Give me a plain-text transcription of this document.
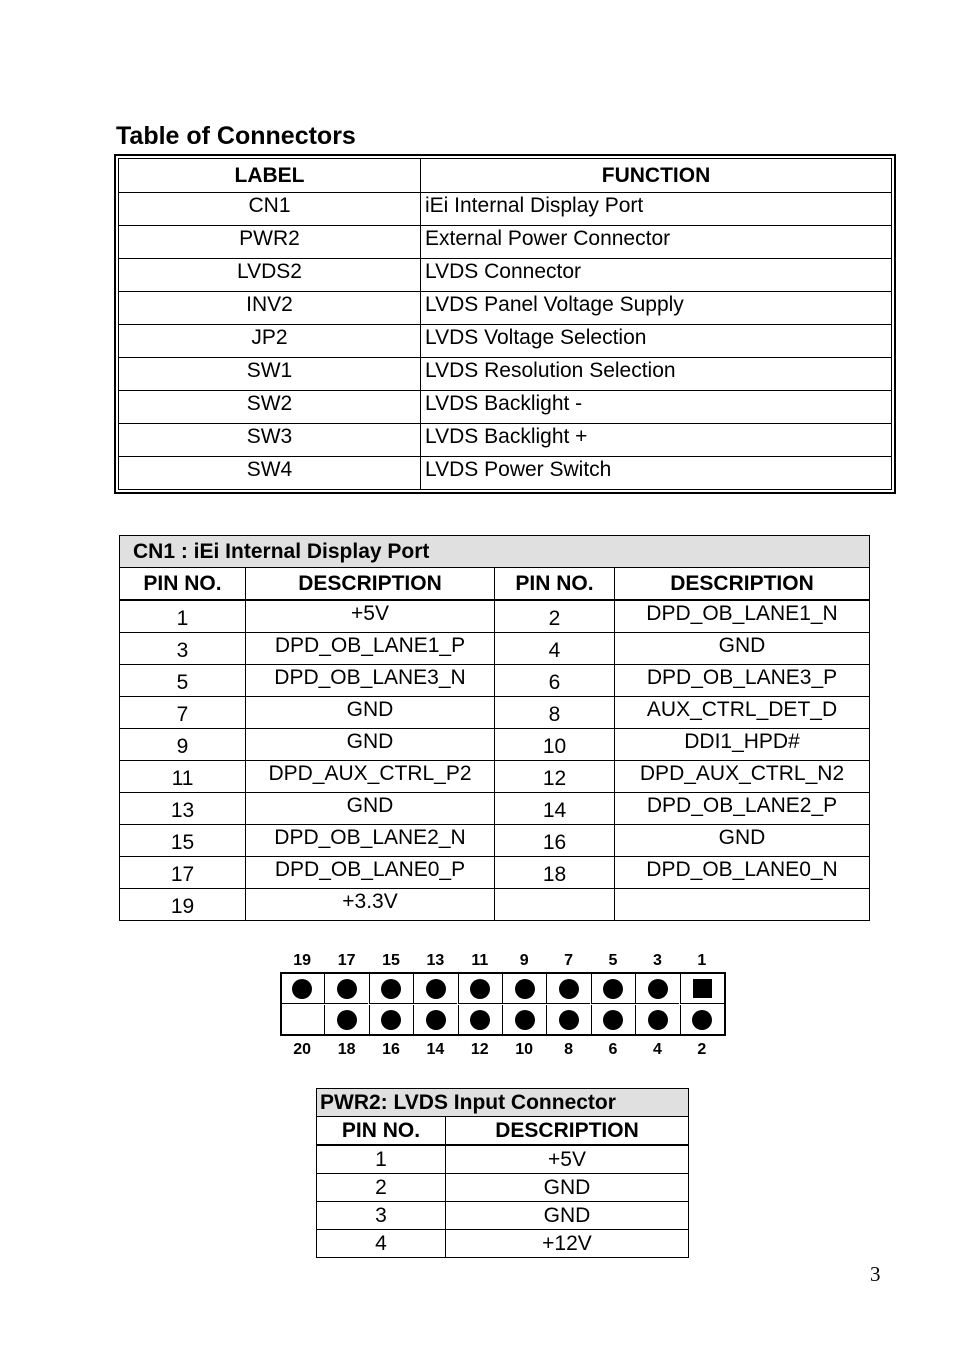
Table of Connectors
LABEL	FUNCTION
CN1	iEi Internal Display Port
PWR2	External Power Connector
LVDS2	LVDS Connector
INV2	LVDS Panel Voltage Supply
JP2	LVDS Voltage Selection
SW1	LVDS Resolution Selection
SW2	LVDS Backlight -
SW3	LVDS Backlight +
SW4	LVDS Power Switch
CN1 : iEi Internal Display Port			
PIN NO.	DESCRIPTION	PIN NO.	DESCRIPTION
1	+5V	2	DPD_OB_LANE1_N
3	DPD_OB_LANE1_P	4	GND
5	DPD_OB_LANE3_N	6	DPD_OB_LANE3_P
7	GND	8	AUX_CTRL_DET_D
9	GND	10	DDI1_HPD#
11	DPD_AUX_CTRL_P2	12	DPD_AUX_CTRL_N2
13	GND	14	DPD_OB_LANE2_P
15	DPD_OB_LANE2_N	16	GND
17	DPD_OB_LANE0_P	18	DPD_OB_LANE0_N
19	+3.3V		
19	17	15	13	11	9	7	5	3	1
20	18	16	14	12	10	8	6	4	2
PWR2: LVDS Input Connector	
PIN NO.	DESCRIPTION
1	+5V
2	GND
3	GND
4	+12V
3
